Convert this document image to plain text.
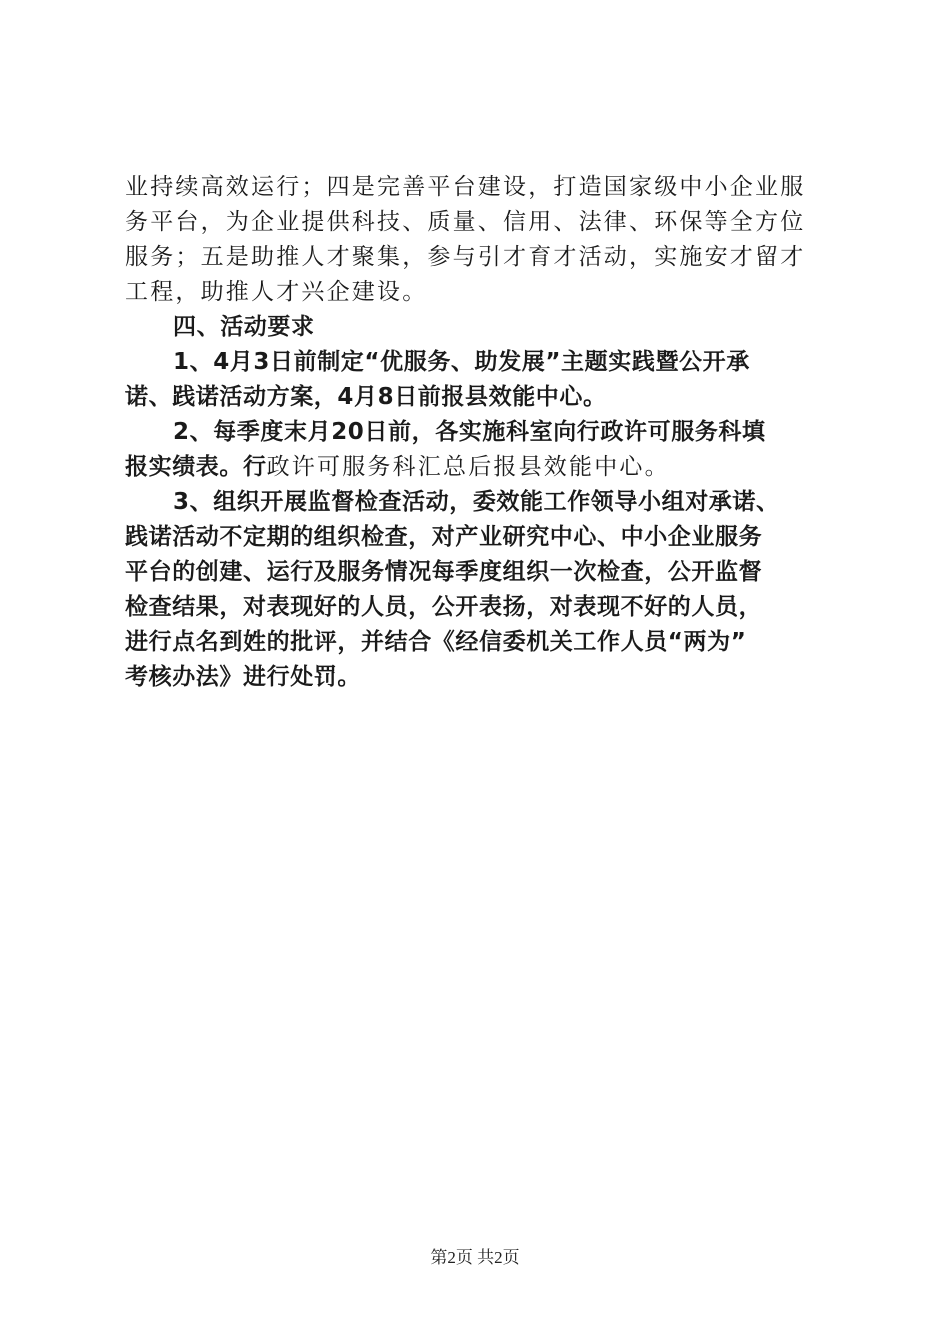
业持续高效运行；四是完善平台建设，打造国家级中小企业服
务平台，为企业提供科技、质量、信用、法律、环保等全方位
服务；五是助推人才聚集，参与引才育才活动，实施安才留才
工程，助推人才兴企建设。
四、活动要求
1、4月3日前制定“优服务、助发展”主题实践暨公开承
诺、践诺活动方案，4月8日前报县效能中心。
2、每季度末月20日前，各实施科室向行政许可服务科填
报实绩表。行政许可服务科汇总后报县效能中心。
3、组织开展监督检查活动，委效能工作领导小组对承诺、
践诺活动不定期的组织检查，对产业研究中心、中小企业服务
平台的创建、运行及服务情况每季度组织一次检查，公开监督
检查结果，对表现好的人员，公开表扬，对表现不好的人员，
进行点名到姓的批评，并结合《经信委机关工作人员“两为”
考核办法》进行处罚。
第2页 共2页
